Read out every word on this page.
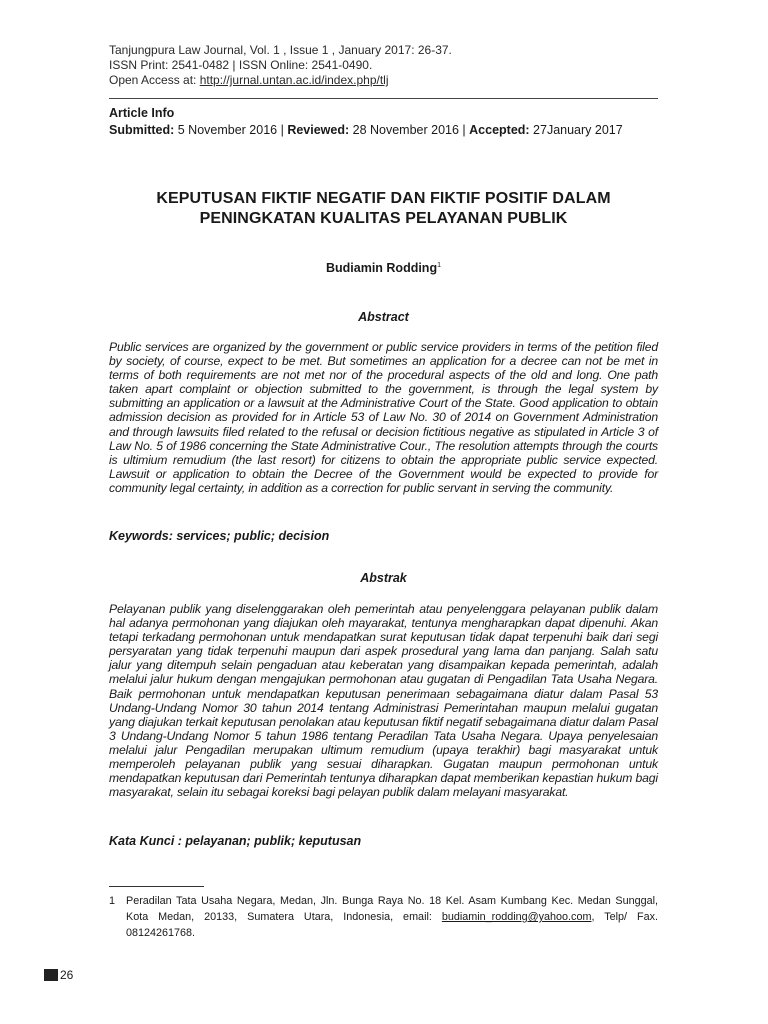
Tanjungpura Law Journal, Vol. 1 , Issue 1 , January 2017: 26-37.
ISSN Print: 2541-0482 | ISSN Online: 2541-0490.
Open Access at: http://jurnal.untan.ac.id/index.php/tlj
Article Info
Submitted: 5 November 2016 | Reviewed: 28 November 2016 | Accepted: 27January 2017
KEPUTUSAN FIKTIF NEGATIF DAN FIKTIF POSITIF DALAM
PENINGKATAN KUALITAS PELAYANAN PUBLIK
Budiamin Rodding$^1$
Abstract
Public services are organized by the government or public service providers in terms of the petition filed by society, of course, expect to be met. But sometimes an application for a decree can not be met in terms of both requirements are not met nor of the procedural aspects of the old and long. One path taken apart complaint or objection submitted to the government, is through the legal system by submitting an application or a lawsuit at the Administrative Court of the State. Good application to obtain admission decision as provided for in Article 53 of Law No. 30 of 2014 on Government Administration and through lawsuits filed related to the refusal or decision fictitious negative as stipulated in Article 3 of Law No. 5 of 1986 concerning the State Administrative Cour., The resolution attempts through the courts is ultimium remudium (the last resort) for citizens to obtain the appropriate public service expected. Lawsuit or application to obtain the Decree of the Government would be expected to provide for community legal certainty, in addition as a correction for public servant in serving the community.
Keywords: services; public; decision
Abstrak
Pelayanan publik yang diselenggarakan oleh pemerintah atau penyelenggara pelayanan publik dalam hal adanya permohonan yang diajukan oleh mayarakat, tentunya mengharapkan dapat dipenuhi. Akan tetapi terkadang permohonan untuk mendapatkan surat keputusan tidak dapat terpenuhi baik dari segi persyaratan yang tidak terpenuhi maupun dari aspek prosedural yang lama dan panjang. Salah satu jalur yang ditempuh selain pengaduan atau keberatan yang disampaikan kepada pemerintah, adalah melalui jalur hukum dengan mengajukan permohonan atau gugatan di Pengadilan Tata Usaha Negara. Baik permohonan untuk mendapatkan keputusan penerimaan sebagaimana diatur dalam Pasal 53 Undang-Undang Nomor 30 tahun 2014 tentang Administrasi Pemerintahan maupun melalui gugatan yang diajukan terkait keputusan penolakan atau keputusan fiktif negatif sebagaimana diatur dalam Pasal 3 Undang-Undang Nomor 5 tahun 1986 tentang Peradilan Tata Usaha Negara. Upaya penyelesaian melalui jalur Pengadilan merupakan ultimum remudium (upaya terakhir) bagi masyarakat untuk memperoleh pelayanan publik yang sesuai diharapkan. Gugatan maupun permohonan untuk mendapatkan keputusan dari Pemerintah tentunya diharapkan dapat memberikan kepastian hukum bagi masyarakat, selain itu sebagai koreksi bagi pelayan publik dalam melayani masyarakat.
Kata Kunci : pelayanan; publik; keputusan
1 Peradilan Tata Usaha Negara, Medan, Jln. Bunga Raya No. 18 Kel. Asam Kumbang Kec. Medan Sunggal, Kota Medan, 20133, Sumatera Utara, Indonesia, email: budiamin_rodding@yahoo.com, Telp/ Fax. 08124261768.
26
